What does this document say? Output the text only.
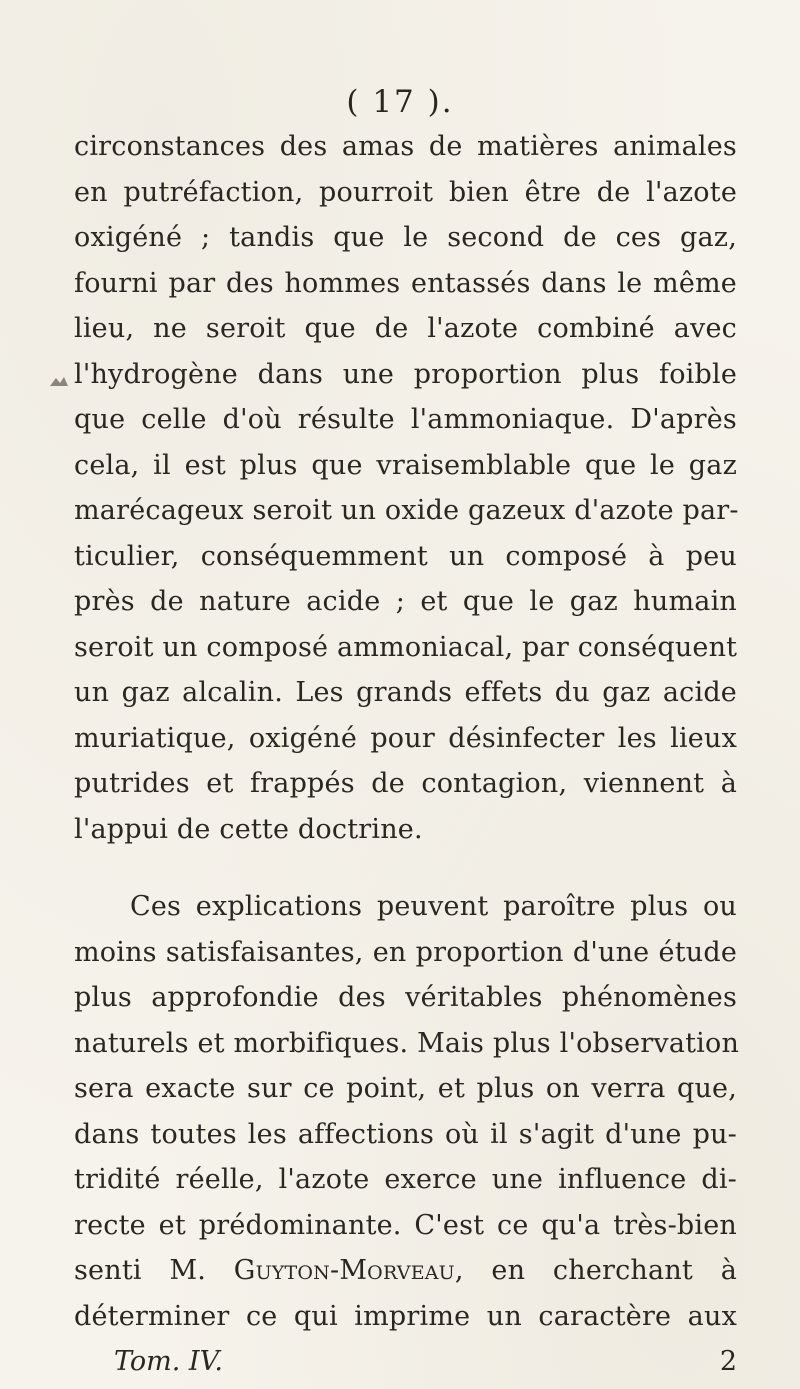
( 17 ).
circonstances des amas de matières animales
en putréfaction, pourroit bien être de l'azote
oxigéné ; tandis que le second de ces gaz,
fourni par des hommes entassés dans le même
lieu, ne seroit que de l'azote combiné avec
l'hydrogène dans une proportion plus foible
que celle d'où résulte l'ammoniaque. D'après
cela, il est plus que vraisemblable que le gaz
marécageux seroit un oxide gazeux d'azote par-
ticulier, conséquemment un composé à peu
près de nature acide ; et que le gaz humain
seroit un composé ammoniacal, par conséquent
un gaz alcalin. Les grands effets du gaz acide
muriatique, oxigéné pour désinfecter les lieux
putrides et frappés de contagion, viennent à
l'appui de cette doctrine.
Ces explications peuvent paroître plus ou
moins satisfaisantes, en proportion d'une étude
plus approfondie des véritables phénomènes
naturels et morbifiques. Mais plus l'observation
sera exacte sur ce point, et plus on verra que,
dans toutes les affections où il s'agit d'une pu-
tridité réelle, l'azote exerce une influence di-
recte et prédominante. C'est ce qu'a très-bien
senti M. Guyton-Morveau, en cherchant à
déterminer ce qui imprime un caractère aux
Tom. IV.	2
